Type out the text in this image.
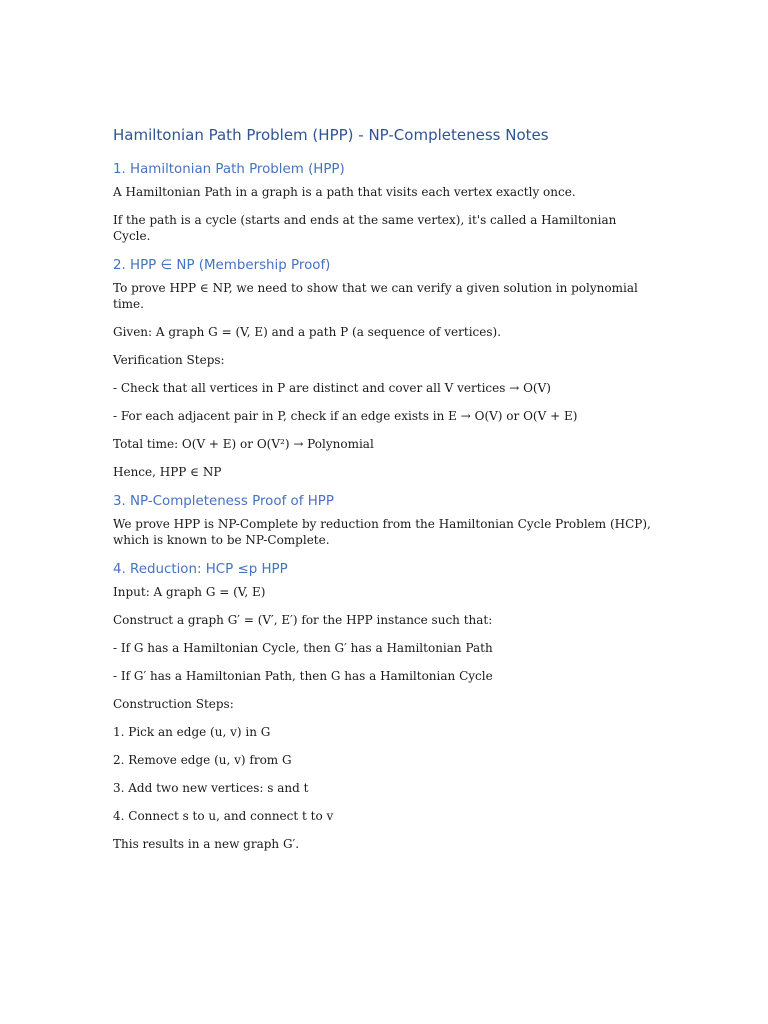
Hamiltonian Path Problem (HPP) - NP-Completeness Notes
1. Hamiltonian Path Problem (HPP)

A Hamiltonian Path in a graph is a path that visits each vertex exactly once.

If the path is a cycle (starts and ends at the same vertex), it's called a Hamiltonian Cycle.

2. HPP ∈ NP (Membership Proof)

To prove HPP ∈ NP, we need to show that we can verify a given solution in polynomial time.

Given: A graph G = (V, E) and a path P (a sequence of vertices).

Verification Steps:

- Check that all vertices in P are distinct and cover all V vertices → O(V)

- For each adjacent pair in P, check if an edge exists in E → O(V) or O(V + E)

Total time: O(V + E) or O(V²) → Polynomial

Hence, HPP ∈ NP

3. NP-Completeness Proof of HPP

We prove HPP is NP-Complete by reduction from the Hamiltonian Cycle Problem (HCP), which is known to be NP-Complete.

4. Reduction: HCP ≤p HPP

Input: A graph G = (V, E)

Construct a graph G′ = (V′, E′) for the HPP instance such that:

- If G has a Hamiltonian Cycle, then G′ has a Hamiltonian Path

- If G′ has a Hamiltonian Path, then G has a Hamiltonian Cycle

Construction Steps:

1. Pick an edge (u, v) in G

2. Remove edge (u, v) from G

3. Add two new vertices: s and t

4. Connect s to u, and connect t to v

This results in a new graph G′.
